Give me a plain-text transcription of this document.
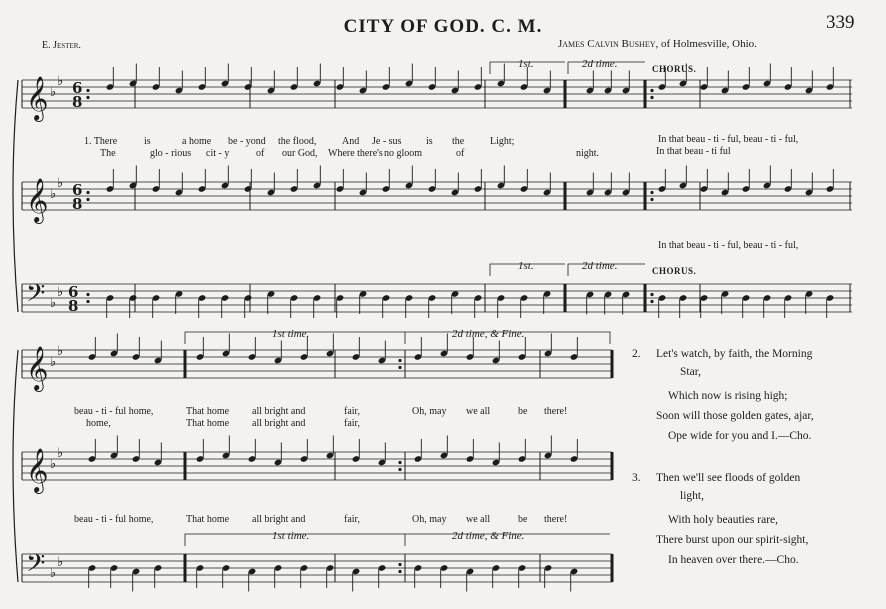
CITY OF GOD. C. M.	339
E. Jester.	James Calvin Bushey, of Holmesville, Ohio.
𝄞 ♭
♭ 6
8
𝄞 ♭
♭ 6
8
𝄢 ♭
♭ 6
8
𝄞 ♭
♭
𝄞 ♭
♭
𝄢 ♭
♭
1st.	2d time.	CHORUS.
1st.	2d time.	CHORUS.
1st time.	2d time, & Fine.
1st time.	2d time, & Fine.
1. There	is	a home be - yond the flood,	And Je - sus is the	Light;	In that beau - ti - ful, beau - ti - ful,
The	glo - rious cit - y	of our God, Where there's no gloom	of	night.	In that beau - ti ful
In that beau - ti - ful, beau - ti - ful,
beau - ti - ful home,	That home all bright and	fair,	Oh, may we all	be there!
home,	That home all bright and	fair,
beau - ti - ful home,	That home all bright and	fair,	Oh, may we all	be there!
2. Let's watch, by faith, the Morning
Star,
Which now is rising high;
Soon will those golden gates, ajar,
Ope wide for you and I.—Cho.
3. Then we'll see floods of golden
light,
With holy beauties rare,
There burst upon our spirit-sight,
In heaven over there.—Cho.
